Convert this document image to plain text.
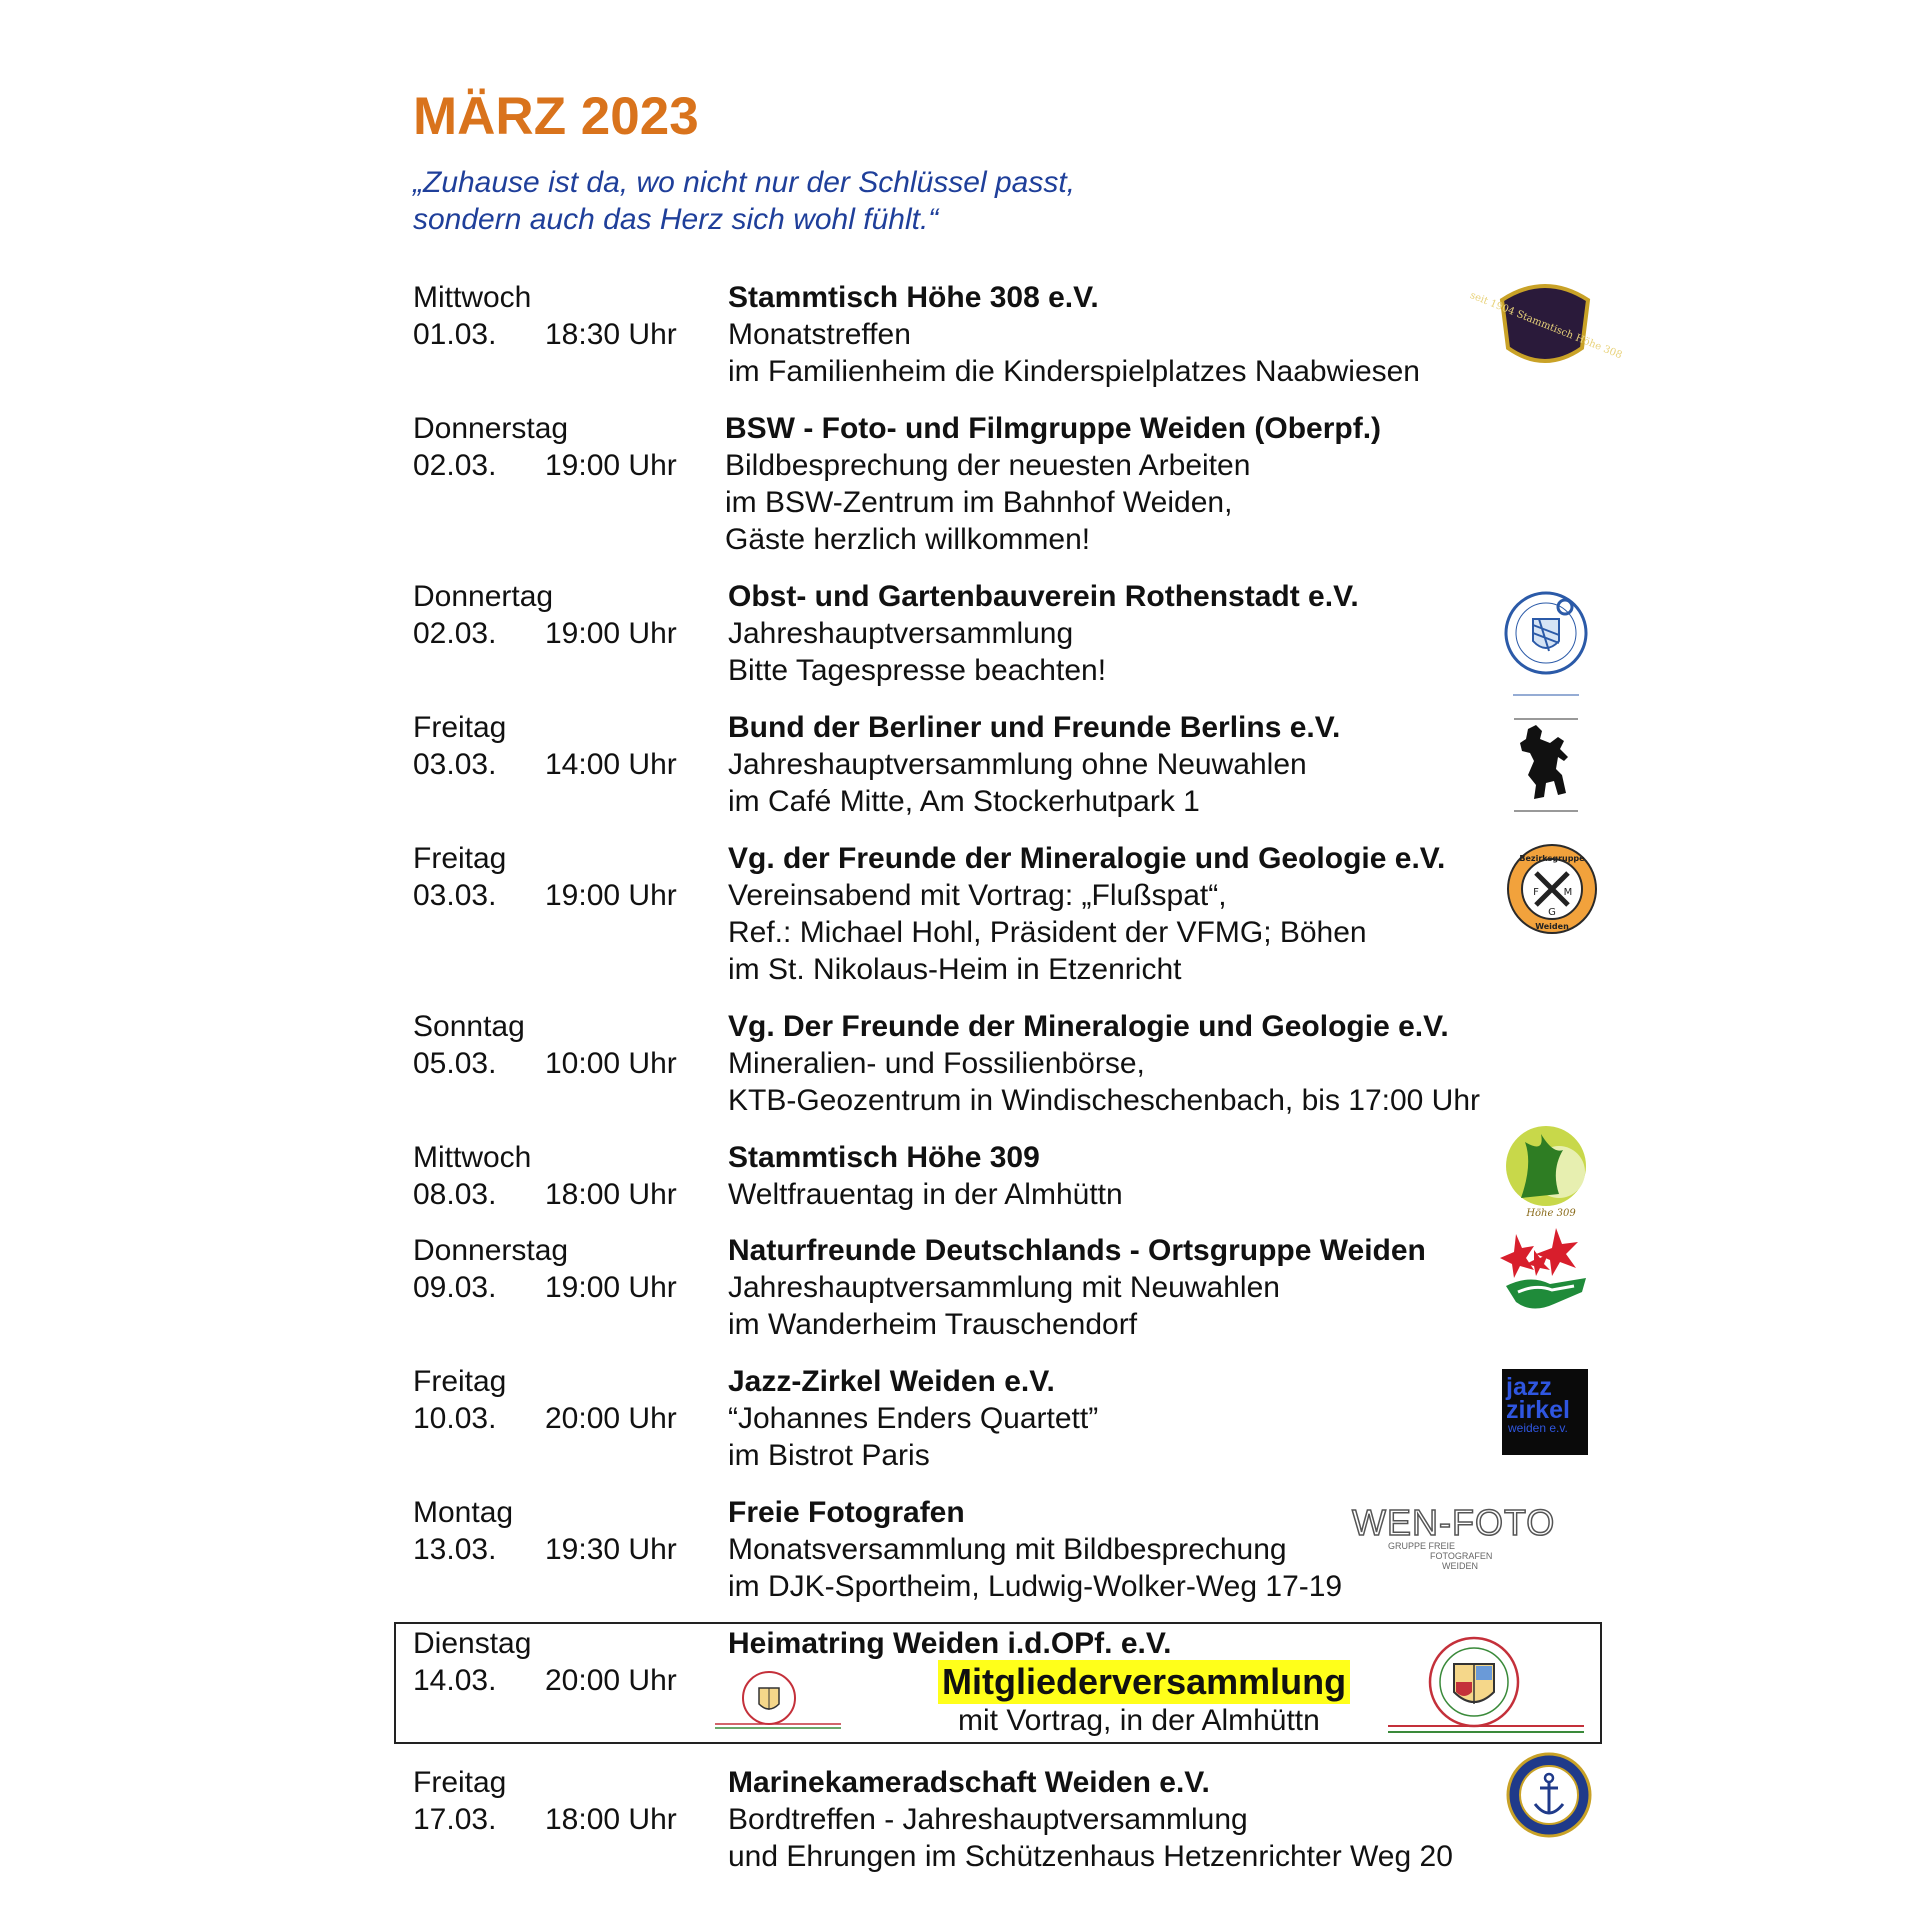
MÄRZ 2023
„Zuhause ist da, wo nicht nur der Schlüssel passt,
sondern auch das Herz sich wohl fühlt.“
Mittwoch
01.03. 18:30 Uhr
Stammtisch Höhe 308 e.V.
Monatstreffen
im Familienheim die Kinderspielplatzes Naabwiesen
Donnerstag
02.03. 19:00 Uhr
BSW - Foto- und Filmgruppe Weiden (Oberpf.)
Bildbesprechung der neuesten Arbeiten
im BSW-Zentrum im Bahnhof Weiden,
Gäste herzlich willkommen!
Donnertag
02.03. 19:00 Uhr
Obst- und Gartenbauverein Rothenstadt e.V.
Jahreshauptversammlung
Bitte Tagespresse beachten!
Freitag
03.03. 14:00 Uhr
Bund der Berliner und Freunde Berlins e.V.
Jahreshauptversammlung ohne Neuwahlen
im Café Mitte, Am Stockerhutpark 1
Freitag
03.03. 19:00 Uhr
Vg. der Freunde der Mineralogie und Geologie e.V.
Vereinsabend mit Vortrag: „Flußspat“,
Ref.: Michael Hohl, Präsident der VFMG; Böhen
im St. Nikolaus-Heim in Etzenricht
Sonntag
05.03. 10:00 Uhr
Vg. Der Freunde der Mineralogie und Geologie e.V.
Mineralien- und Fossilienbörse,
KTB-Geozentrum in Windischeschenbach, bis 17:00 Uhr
Mittwoch
08.03. 18:00 Uhr
Stammtisch Höhe 309
Weltfrauentag in der Almhüttn
Donnerstag
09.03. 19:00 Uhr
Naturfreunde Deutschlands - Ortsgruppe Weiden
Jahreshauptversammlung mit Neuwahlen
im Wanderheim Trauschendorf
Freitag
10.03. 20:00 Uhr
Jazz-Zirkel Weiden e.V.
“Johannes Enders Quartett”
im Bistrot Paris
Montag
13.03. 19:30 Uhr
Freie Fotografen
Monatsversammlung mit Bildbesprechung
im DJK-Sportheim, Ludwig-Wolker-Weg 17-19
Dienstag
14.03. 20:00 Uhr
Heimatring Weiden i.d.OPf. e.V.
Mitgliederversammlung
mit Vortrag, in der Almhüttn
Freitag
17.03. 18:00 Uhr
Marinekameradschaft Weiden e.V.
Bordtreffen - Jahreshauptversammlung
und Ehrungen im Schützenhaus Hetzenrichter Weg 20
seit 1904 Stammtisch Höhe 308
Bezirksgruppe
F M
G
Weiden
Höhe 309
jazz
zirkel
weiden e.v.
WEN-FOTO
GRUPPE FREIE
FOTOGRAFEN
WEIDEN
